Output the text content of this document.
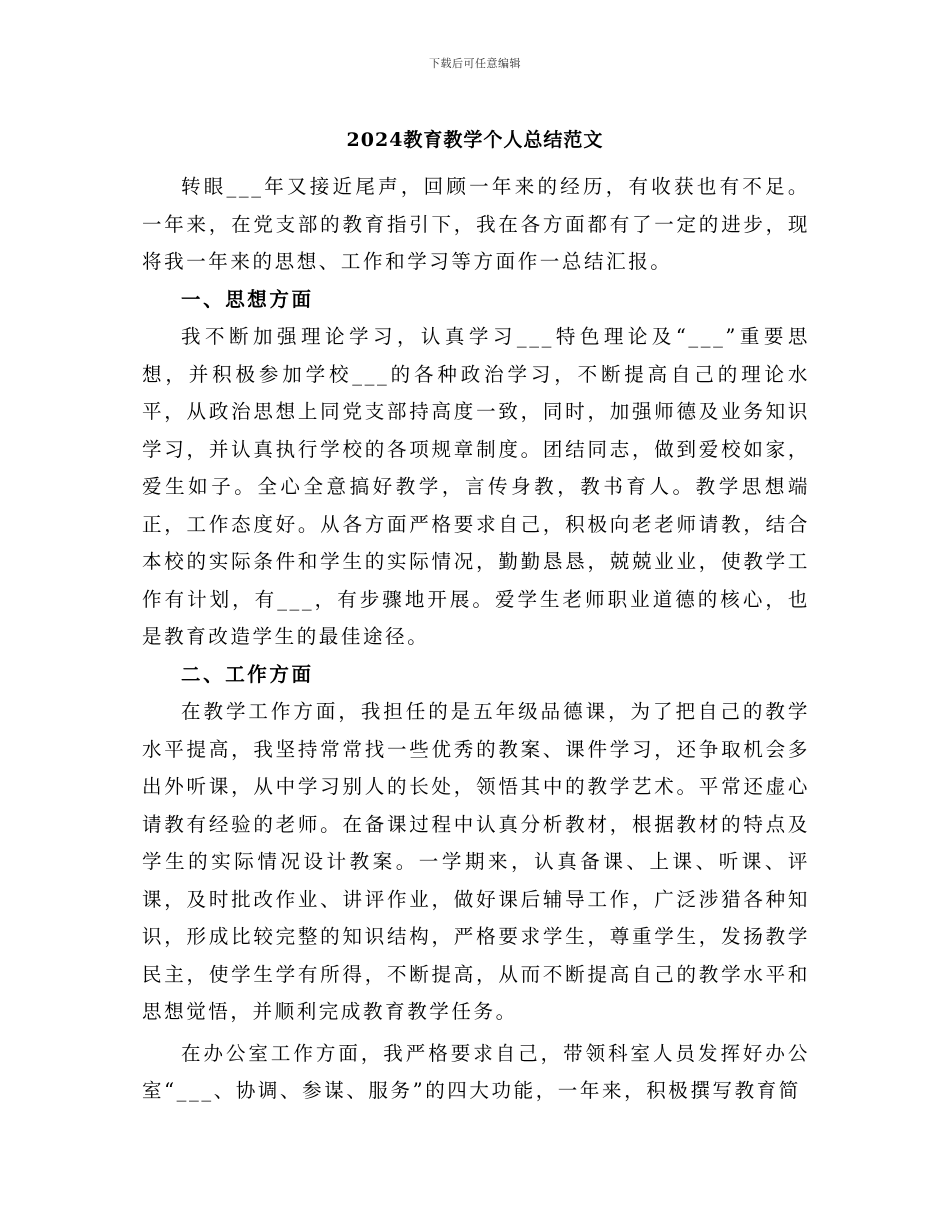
下载后可任意编辑
2024教育教学个人总结范文

转眼___年又接近尾声，回顾一年来的经历，有收获也有不足。一年来，在党支部的教育指引下，我在各方面都有了一定的进步，现将我一年来的思想、工作和学习等方面作一总结汇报。

一、思想方面

我不断加强理论学习，认真学习___特色理论及“___”重要思想，并积极参加学校___的各种政治学习，不断提高自己的理论水平，从政治思想上同党支部持高度一致，同时，加强师德及业务知识学习，并认真执行学校的各项规章制度。团结同志，做到爱校如家，爱生如子。全心全意搞好教学，言传身教，教书育人。教学思想端正，工作态度好。从各方面严格要求自己，积极向老老师请教，结合本校的实际条件和学生的实际情况，勤勤恳恳，兢兢业业，使教学工作有计划，有___，有步骤地开展。爱学生老师职业道德的核心，也是教育改造学生的最佳途径。

二、工作方面

在教学工作方面，我担任的是五年级品德课，为了把自己的教学水平提高，我坚持常常找一些优秀的教案、课件学习，还争取机会多出外听课，从中学习别人的长处，领悟其中的教学艺术。平常还虚心请教有经验的老师。在备课过程中认真分析教材，根据教材的特点及学生的实际情况设计教案。一学期来，认真备课、上课、听课、评课，及时批改作业、讲评作业，做好课后辅导工作，广泛涉猎各种知识，形成比较完整的知识结构，严格要求学生，尊重学生，发扬教学民主，使学生学有所得，不断提高，从而不断提高自己的教学水平和思想觉悟，并顺利完成教育教学任务。

在办公室工作方面，我严格要求自己，带领科室人员发挥好办公室“___、协调、参谋、服务”的四大功能，一年来，积极撰写教育简
